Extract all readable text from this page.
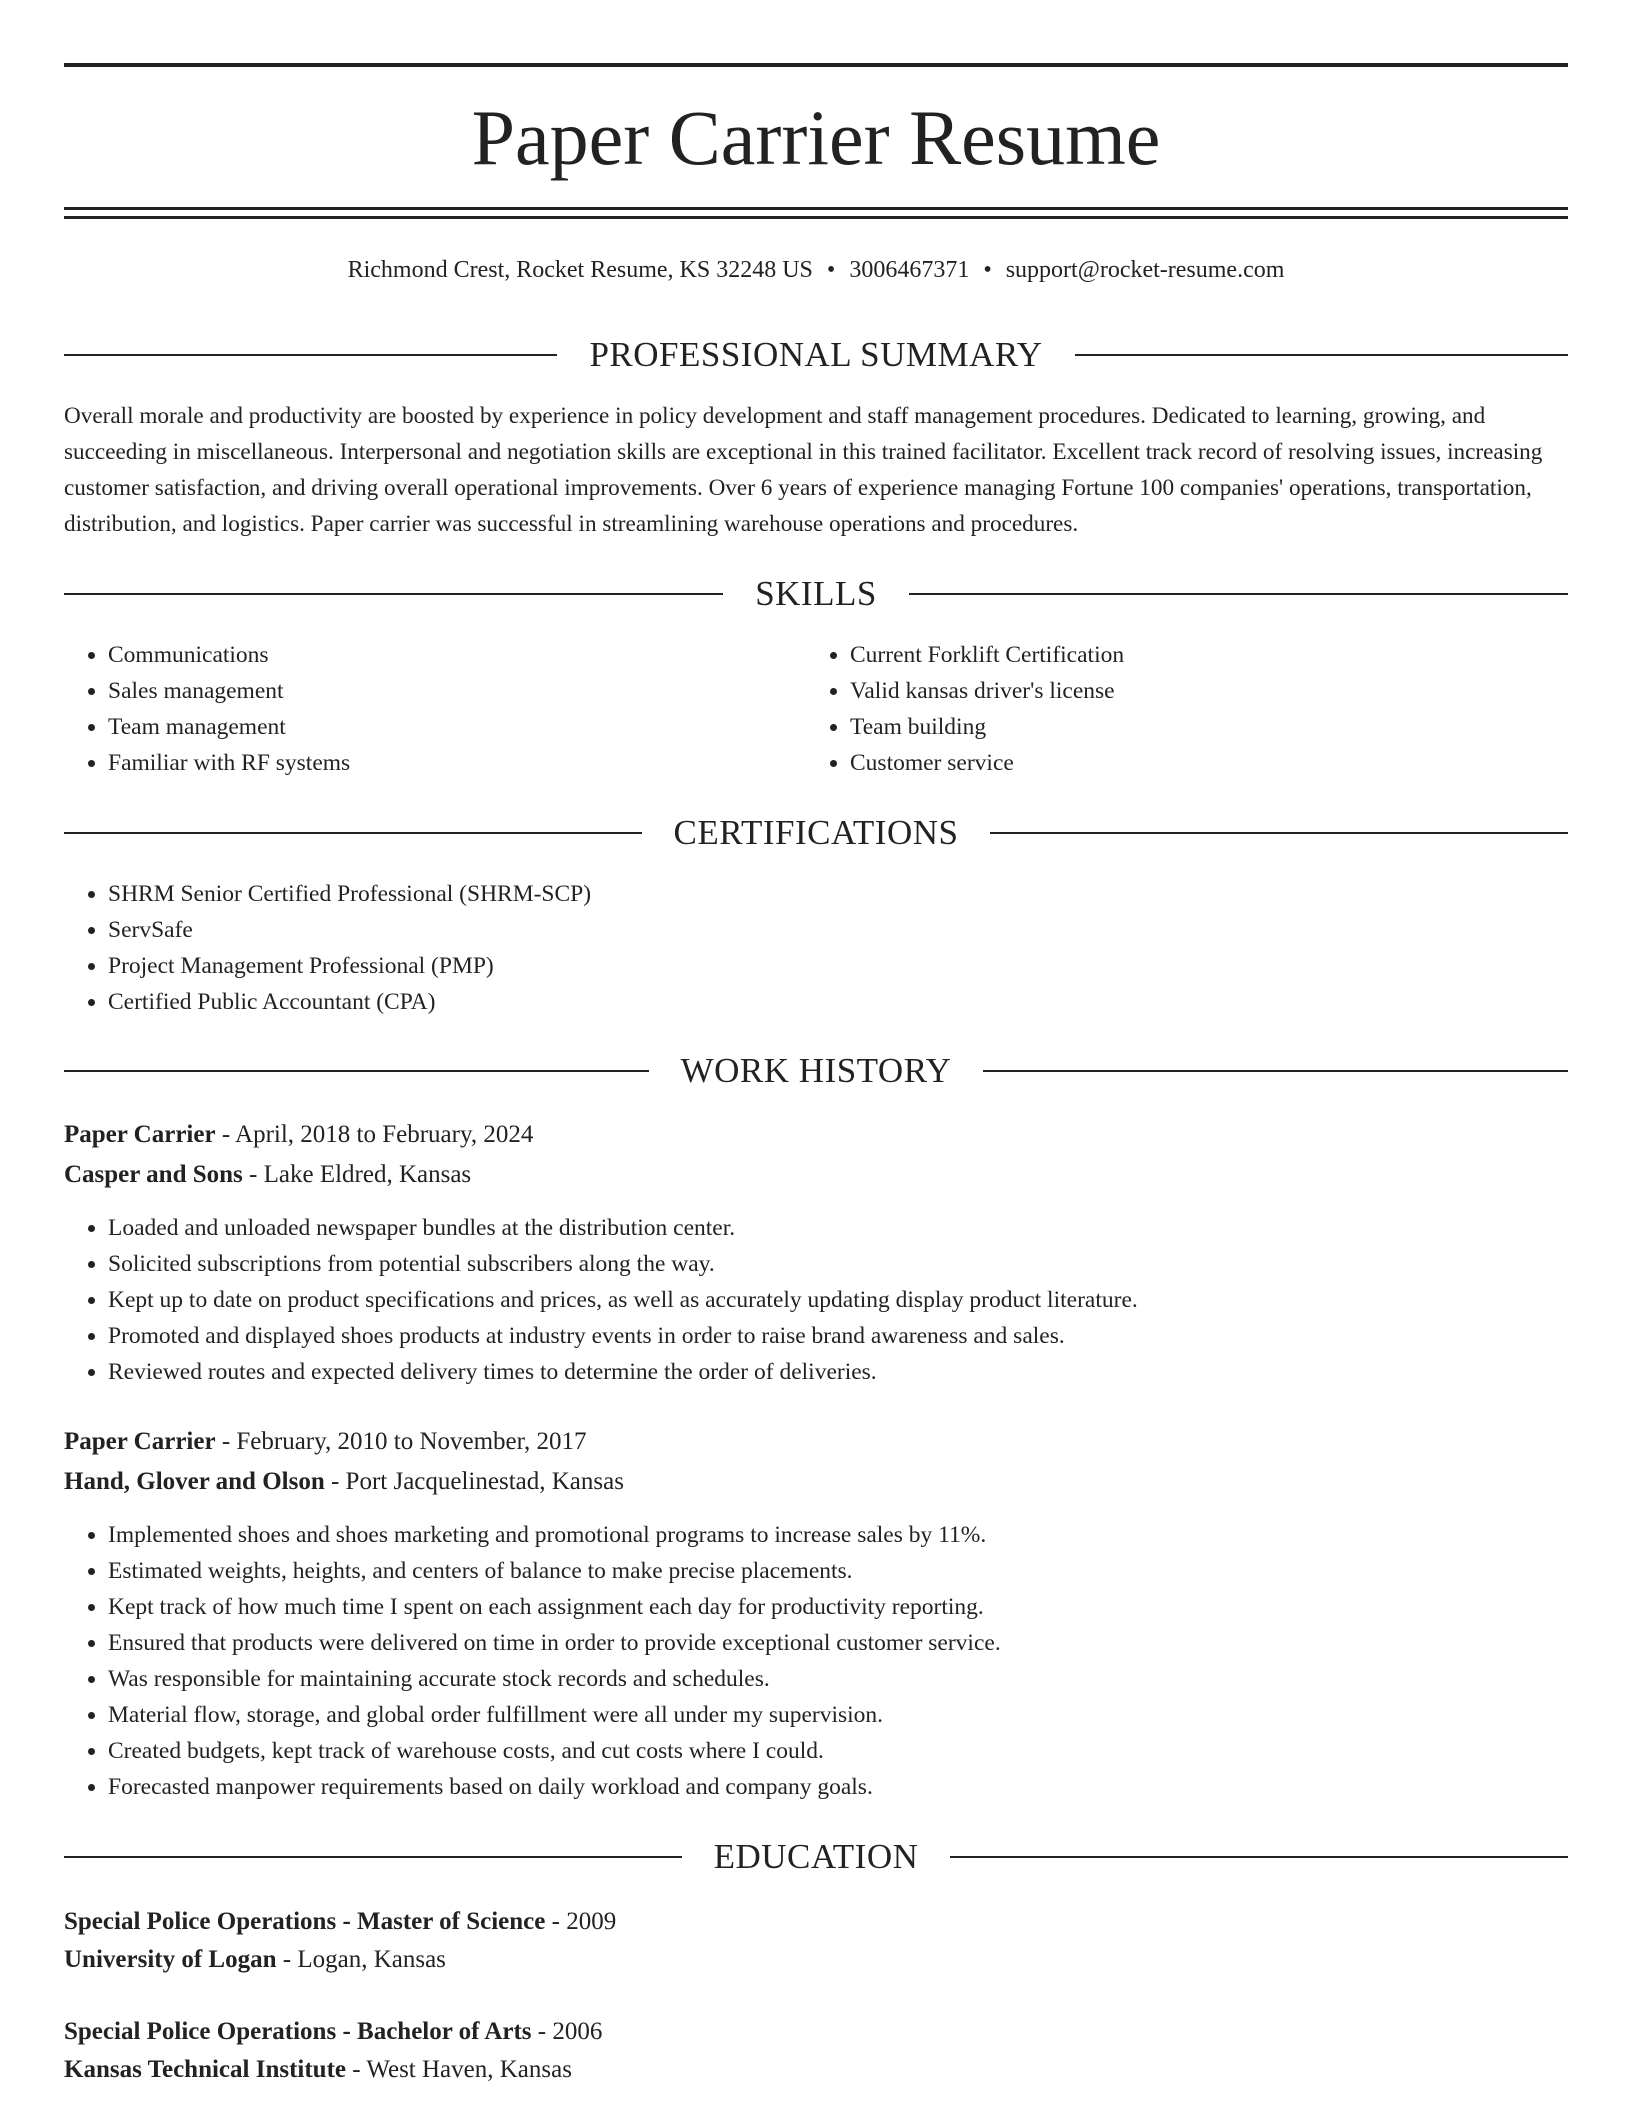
Paper Carrier Resume
Richmond Crest, Rocket Resume, KS 32248 US • 3006467371 • support@rocket-resume.com
PROFESSIONAL SUMMARY

Overall morale and productivity are boosted by experience in policy development and staff management procedures. Dedicated to learning, growing, and succeeding in miscellaneous. Interpersonal and negotiation skills are exceptional in this trained facilitator. Excellent track record of resolving issues, increasing customer satisfaction, and driving overall operational improvements. Over 6 years of experience managing Fortune 100 companies' operations, transportation, distribution, and logistics. Paper carrier was successful in streamlining warehouse operations and procedures.

SKILLS
• Communications
• Sales management
• Team management
• Familiar with RF systems
• Current Forklift Certification
• Valid kansas driver's license
• Team building
• Customer service
CERTIFICATIONS
• SHRM Senior Certified Professional (SHRM-SCP)
• ServSafe
• Project Management Professional (PMP)
• Certified Public Accountant (CPA)
WORK HISTORY
Paper Carrier - April, 2018 to February, 2024
Casper and Sons - Lake Eldred, Kansas
• Loaded and unloaded newspaper bundles at the distribution center.
• Solicited subscriptions from potential subscribers along the way.
• Kept up to date on product specifications and prices, as well as accurately updating display product literature.
• Promoted and displayed shoes products at industry events in order to raise brand awareness and sales.
• Reviewed routes and expected delivery times to determine the order of deliveries.
Paper Carrier - February, 2010 to November, 2017
Hand, Glover and Olson - Port Jacquelinestad, Kansas
• Implemented shoes and shoes marketing and promotional programs to increase sales by 11%.
• Estimated weights, heights, and centers of balance to make precise placements.
• Kept track of how much time I spent on each assignment each day for productivity reporting.
• Ensured that products were delivered on time in order to provide exceptional customer service.
• Was responsible for maintaining accurate stock records and schedules.
• Material flow, storage, and global order fulfillment were all under my supervision.
• Created budgets, kept track of warehouse costs, and cut costs where I could.
• Forecasted manpower requirements based on daily workload and company goals.
EDUCATION
Special Police Operations - Master of Science - 2009
University of Logan - Logan, Kansas
Special Police Operations - Bachelor of Arts - 2006
Kansas Technical Institute - West Haven, Kansas
